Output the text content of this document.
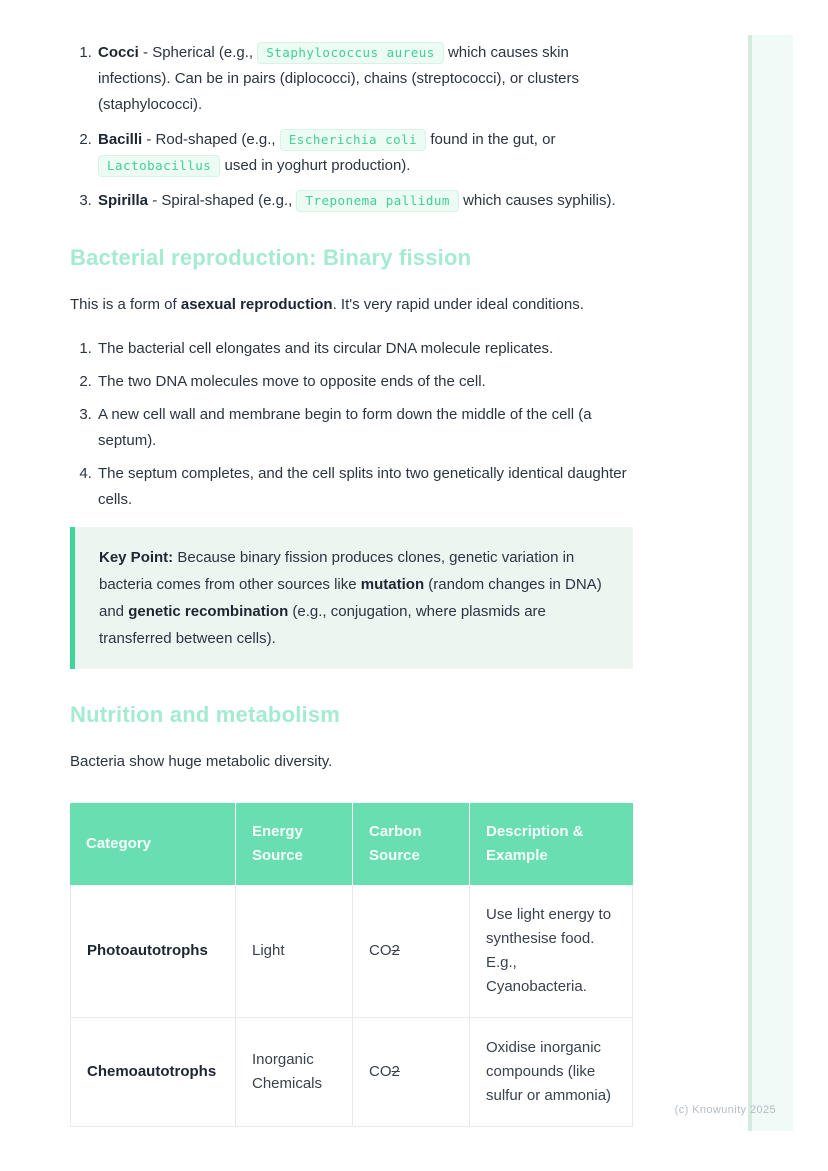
1. Cocci - Spherical (e.g., Staphylococcus aureus which causes skin infections). Can be in pairs (diplococci), chains (streptococci), or clusters (staphylococci).
2. Bacilli - Rod-shaped (e.g., Escherichia coli found in the gut, or Lactobacillus used in yoghurt production).
3. Spirilla - Spiral-shaped (e.g., Treponema pallidum which causes syphilis).
Bacterial reproduction: Binary fission

This is a form of asexual reproduction. It's very rapid under ideal conditions.

1. The bacterial cell elongates and its circular DNA molecule replicates.
2. The two DNA molecules move to opposite ends of the cell.
3. A new cell wall and membrane begin to form down the middle of the cell (a septum).
4. The septum completes, and the cell splits into two genetically identical daughter cells.

Key Point: Because binary fission produces clones, genetic variation in bacteria comes from other sources like mutation (random changes in DNA) and genetic recombination (e.g., conjugation, where plasmids are transferred between cells).

Nutrition and metabolism

Bacteria show huge metabolic diversity.

Category	Energy Source	Carbon Source	Description & Example
Photoautotrophs	Light	CO2	Use light energy to synthesise food. E.g., Cyanobacteria.
Chemoautotrophs	Inorganic Chemicals	CO2	Oxidise inorganic compounds (like sulfur or ammonia)
(c) Knowunity 2025
